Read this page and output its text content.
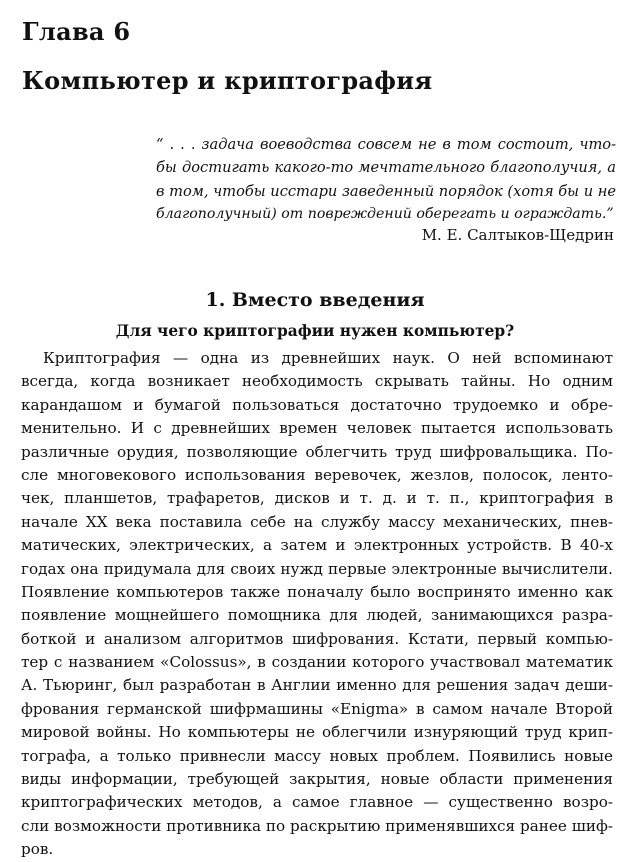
Глава 6
Компьютер и криптография
“ . . . задача воеводства совсем не в том состоит, что-
бы достигать какого-то мечтательного благополучия, а
в том, чтобы исстари заведенный порядок (хотя бы и не
благополучный) от повреждений оберегать и ограждать.”
М. Е. Салтыков-Щедрин
1. Вместо введения
Для чего криптографии нужен компьютер?
Криптография — одна из древнейших наук. О ней вспоминают
всегда, когда возникает необходимость скрывать тайны. Но одним
карандашом и бумагой пользоваться достаточно трудоемко и обре-
менительно. И с древнейших времен человек пытается использовать
различные орудия, позволяющие облегчить труд шифровальщика. По-
сле многовекового использования веревочек, жезлов, полосок, ленто-
чек, планшетов, трафаретов, дисков и т. д. и т. п., криптография в
начале XX века поставила себе на службу массу механических, пнев-
матических, электрических, а затем и электронных устройств. В 40-х
годах она придумала для своих нужд первые электронные вычислители.
Появление компьютеров также поначалу было воспринято именно как
появление мощнейшего помощника для людей, занимающихся разра-
боткой и анализом алгоритмов шифрования. Кстати, первый компью-
тер с названием «Colossus», в создании которого участвовал математик
А. Тьюринг, был разработан в Англии именно для решения задач деши-
фрования германской шифрмашины «Enigma» в самом начале Второй
мировой войны. Но компьютеры не облегчили изнуряющий труд крип-
тографа, а только привнесли массу новых проблем. Появились новые
виды информации, требующей закрытия, новые области применения
криптографических методов, а самое главное — существенно возро-
сли возможности противника по раскрытию применявшихся ранее шиф-
ров.
